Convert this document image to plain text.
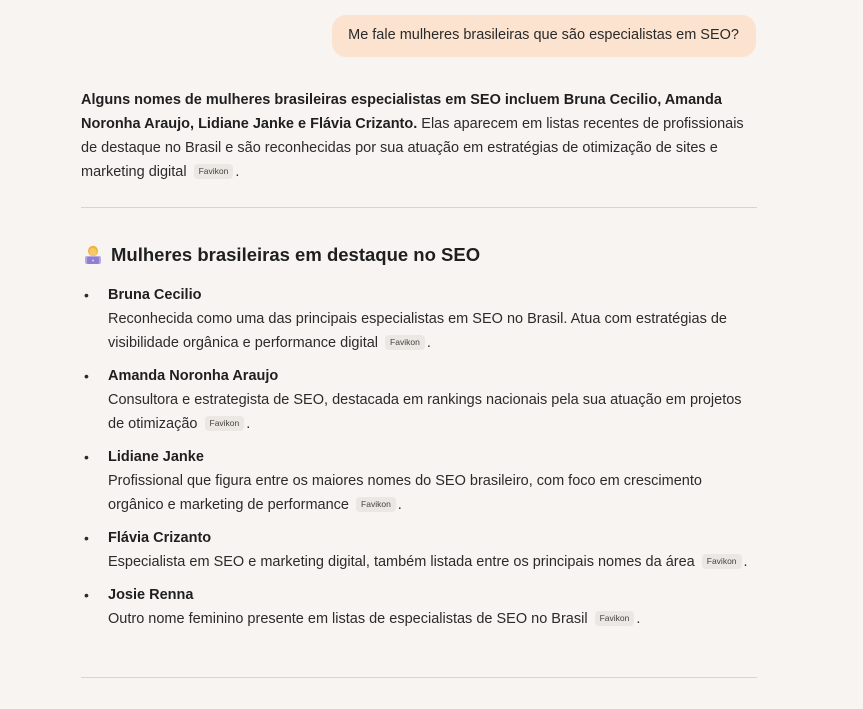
Me fale mulheres brasileiras que são especialistas em SEO?
Alguns nomes de mulheres brasileiras especialistas em SEO incluem Bruna Cecilio, Amanda Noronha Araujo, Lidiane Janke e Flávia Crizanto. Elas aparecem em listas recentes de profissionais de destaque no Brasil e são reconhecidas por sua atuação em estratégias de otimização de sites e marketing digital Favikon .
Mulheres brasileiras em destaque no SEO
• Bruna Cecilio
Reconhecida como uma das principais especialistas em SEO no Brasil. Atua com estratégias de visibilidade orgânica e performance digital Favikon .
• Amanda Noronha Araujo
Consultora e estrategista de SEO, destacada em rankings nacionais pela sua atuação em projetos de otimização Favikon .
• Lidiane Janke
Profissional que figura entre os maiores nomes do SEO brasileiro, com foco em crescimento orgânico e marketing de performance Favikon .
• Flávia Crizanto
Especialista em SEO e marketing digital, também listada entre os principais nomes da área Favikon .
• Josie Renna
Outro nome feminino presente em listas de especialistas de SEO no Brasil Favikon .
